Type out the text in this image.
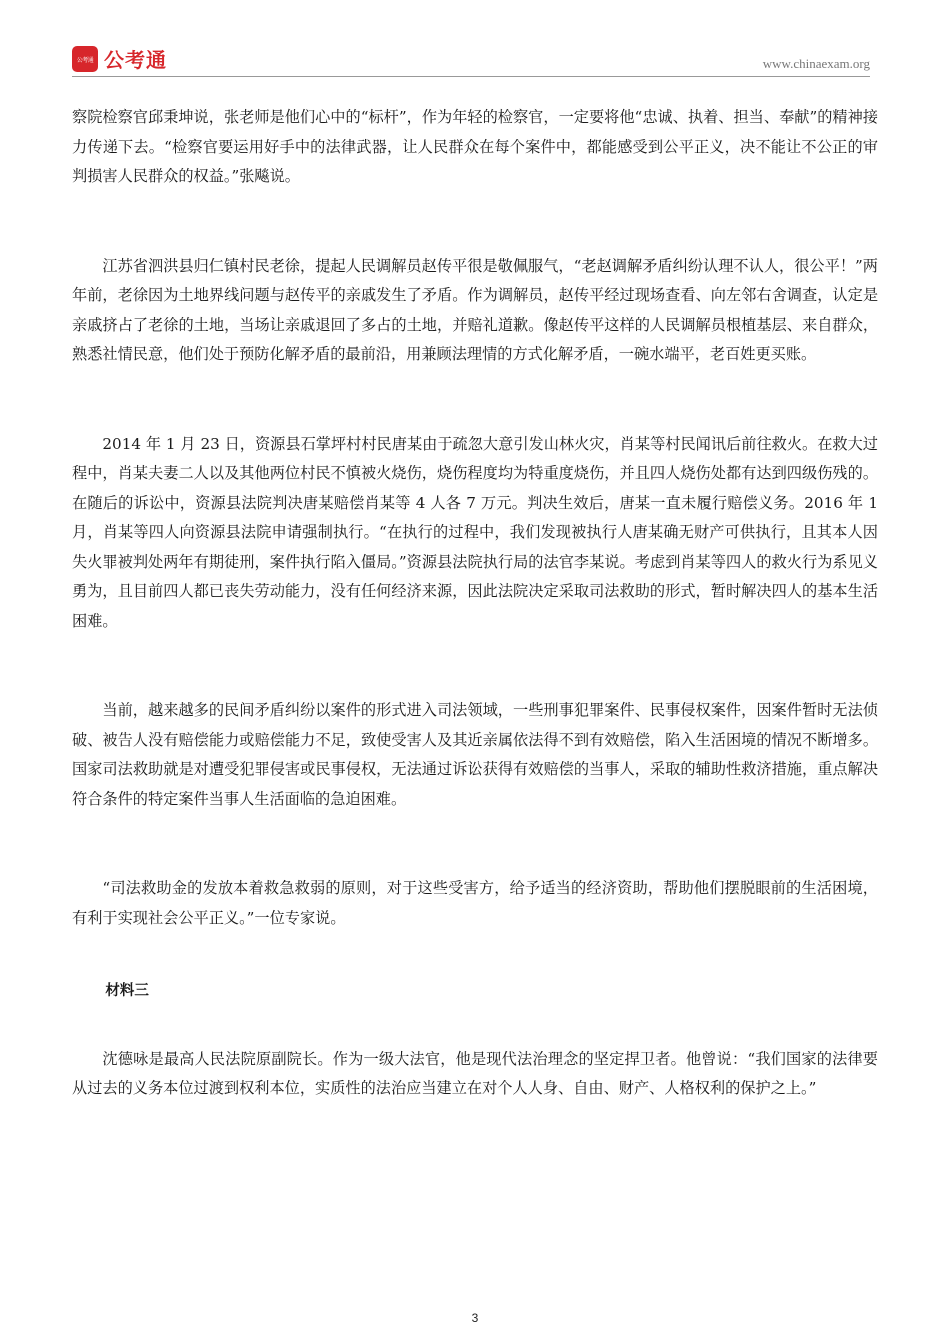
公考通 公考通	www.chinaexam.org

察院检察官邱秉坤说，张老师是他们心中的“标杆”，作为年轻的检察官，一定要将他“忠诚、执着、担当、奉献”的精神接力传递下去。“检察官要运用好手中的法律武器，让人民群众在每个案件中，都能感受到公平正义，决不能让不公正的审判损害人民群众的权益。”张飚说。

江苏省泗洪县归仁镇村民老徐，提起人民调解员赵传平很是敬佩服气，“老赵调解矛盾纠纷认理不认人，很公平！”两年前，老徐因为土地界线问题与赵传平的亲戚发生了矛盾。作为调解员，赵传平经过现场查看、向左邻右舍调查，认定是亲戚挤占了老徐的土地，当场让亲戚退回了多占的土地，并赔礼道歉。像赵传平这样的人民调解员根植基层、来自群众，熟悉社情民意，他们处于预防化解矛盾的最前沿，用兼顾法理情的方式化解矛盾，一碗水端平，老百姓更买账。

2014 年 1 月 23 日，资源县石掌坪村村民唐某由于疏忽大意引发山林火灾，肖某等村民闻讯后前往救火。在救大过程中，肖某夫妻二人以及其他两位村民不慎被火烧伤，烧伤程度均为特重度烧伤，并且四人烧伤处都有达到四级伤残的。在随后的诉讼中，资源县法院判决唐某赔偿肖某等 4 人各 7 万元。判决生效后，唐某一直未履行赔偿义务。2016 年 1 月，肖某等四人向资源县法院申请强制执行。“在执行的过程中，我们发现被执行人唐某确无财产可供执行，且其本人因失火罪被判处两年有期徒刑，案件执行陷入僵局。”资源县法院执行局的法官李某说。考虑到肖某等四人的救火行为系见义勇为，且目前四人都已丧失劳动能力，没有任何经济来源，因此法院决定采取司法救助的形式，暂时解决四人的基本生活困难。

当前，越来越多的民间矛盾纠纷以案件的形式进入司法领域，一些刑事犯罪案件、民事侵权案件，因案件暂时无法侦破、被告人没有赔偿能力或赔偿能力不足，致使受害人及其近亲属依法得不到有效赔偿，陷入生活困境的情况不断增多。国家司法救助就是对遭受犯罪侵害或民事侵权，无法通过诉讼获得有效赔偿的当事人，采取的辅助性救济措施，重点解决符合条件的特定案件当事人生活面临的急迫困难。

“司法救助金的发放本着救急救弱的原则，对于这些受害方，给予适当的经济资助，帮助他们摆脱眼前的生活困境，有利于实现社会公平正义。”一位专家说。

材料三

沈德咏是最高人民法院原副院长。作为一级大法官，他是现代法治理念的坚定捍卫者。他曾说：“我们国家的法律要从过去的义务本位过渡到权利本位，实质性的法治应当建立在对个人人身、自由、财产、人格权利的保护之上。”

3
